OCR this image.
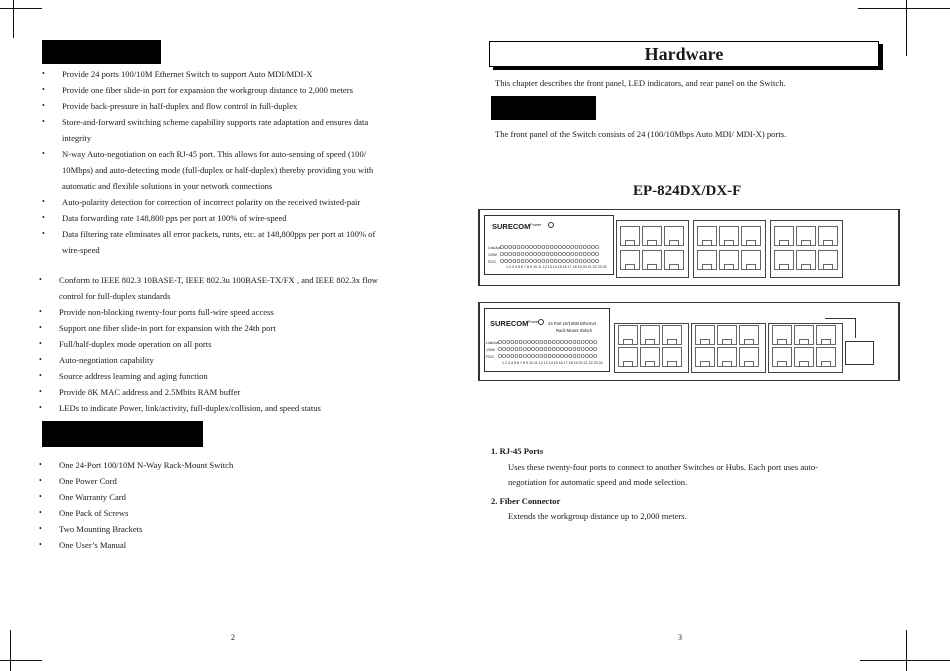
• Provide 24 ports 100/10M Ethernet Switch to support Auto MDI/MDI-X
• Provide one fiber slide-in port for expansion the workgroup distance to 2,000 meters
• Provide back-pressure in half-duplex and flow control in full-duplex
• Store-and-forward switching scheme capability supports rate adaptation and ensures data
integrity
• N-way Auto-negotiation on each RJ-45 port. This allows for auto-sensing of speed (100/
10Mbps) and auto-detecting mode (full-duplex or half-duplex) thereby providing you with
automatic and flexible solutions in your network connections
• Auto-polarity detection for correction of incorrect polarity on the received twisted-pair
• Data forwarding rate 148,800 pps per port at 100% of wire-speed
• Data filtering rate eliminates all error packets, runts, etc. at 148,800pps per port at 100% of
wire-speed
• Conform to IEEE 802.3 10BASE-T, IEEE 802.3u 100BASE-TX/FX , and IEEE 802.3x flow
control for full-duplex standards
• Provide non-blocking twenty-four ports full-wire speed access
• Support one fiber slide-in port for expansion with the 24th port
• Full/half-duplex mode operation on all ports
• Auto-negotiation capability
• Source address learning and aging function
• Provide 8K MAC address and 2.5Mbits RAM buffer
• LEDs to indicate Power, link/activity, full-duplex/collision, and speed status
• One 24-Port 100/10M N-Way Rack-Mount Switch
• One Power Cord
• One Warranty Card
• One Pack of Screws
• Two Mounting Brackets
• One User’s Manual
2
Hardware
This chapter describes the front panel, LED indicators, and rear panel on the Switch.
The front panel of the Switch consists of 24 (100/10Mbps Auto MDI/ MDI-X) ports.
EP-824DX/DX-F
SURECOM Power
1 2 3 4 5 6 7 8 9 10 11 12 13 14 15 16 17 18 19 20 21 22 23 24
Link/Act OOOOOOOOOOOOOOOOOOOOOOOO
100M OOOOOOOOOOOOOOOOOOOOOOOO
FD/C OOOOOOOOOOOOOOOOOOOOOOOO
SURECOM Power 24 Port 10/100M Ethernet
Rack-Mount Switch
1 2 3 4 5 6 7 8 9 10 11 12 13 14 15 16 17 18 19 20 21 22 23 24
Link/Act OOOOOOOOOOOOOOOOOOOOOOOO
100M OOOOOOOOOOOOOOOOOOOOOOOO
FD/C OOOOOOOOOOOOOOOOOOOOOOOO
1. RJ-45 Ports
Uses these twenty-four ports to connect to another Switches or Hubs. Each port uses auto-
negotiation for automatic speed and mode selection.
2. Fiber Connector
Extends the workgroup distance up to 2,000 meters.
3
